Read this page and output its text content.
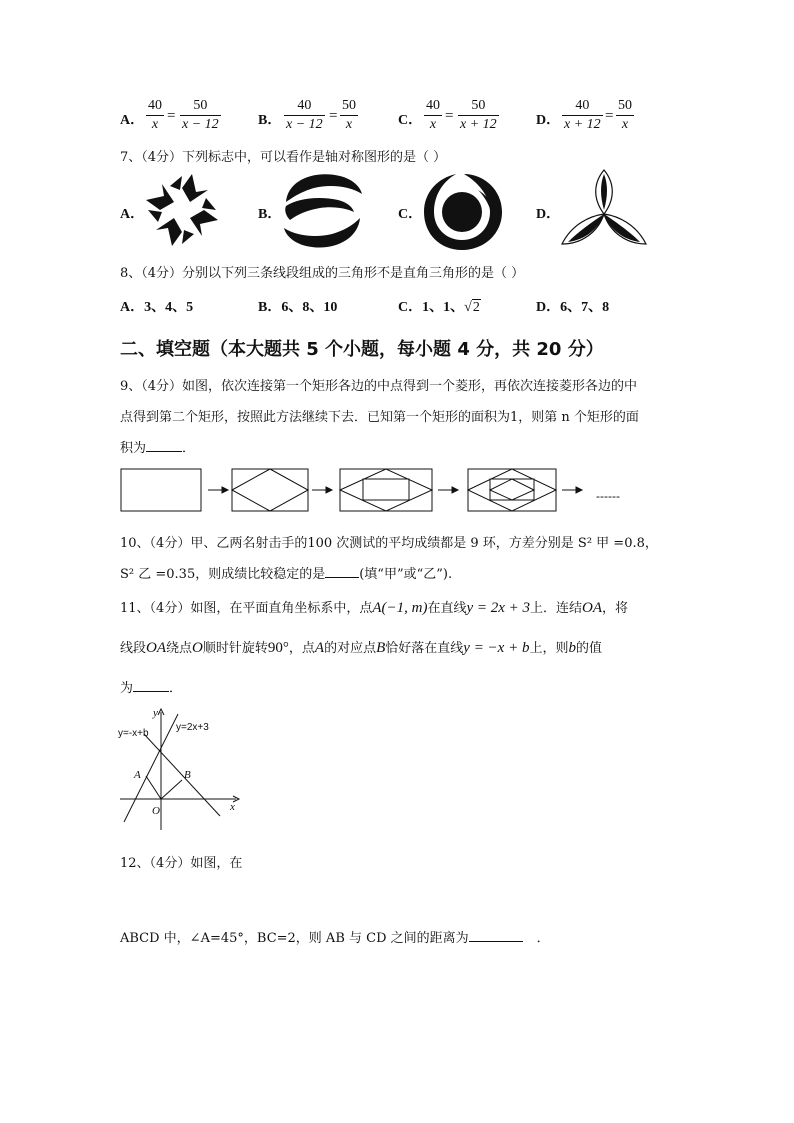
A．
40
x
=
50
x − 12	B．
40
x − 12
=
50
x	C．
40
x
=
50
x + 12	D．
40
x + 12
=
50
x
7、（4分）下列标志中，可以看作是轴对称图形的是（ ）
A．	B．	C．	D．
8、（4分）分别以下列三条线段组成的三角形不是直角三角形的是（ ）
A．3、4、5	B．6、8、10	C．1、1、√2	D．6、7、8
二、填空题（本大题共 5 个小题，每小题 4 分，共 20 分）
9、（4分）如图，依次连接第一个矩形各边的中点得到一个菱形，再依次连接菱形各边的中
点得到第二个矩形，按照此方法继续下去．已知第一个矩形的面积为1，则第 n 个矩形的面
积为	．
------
10、（4分）甲、乙两名射击手的100 次测试的平均成绩都是 9 环，方差分别是 S² 甲 =0.8，
S² 乙 =0.35，则成绩比较稳定的是	(填“甲”或“乙”).
11、（4分）如图，在平面直角坐标系中，点A(−1, m)在直线y = 2x + 3上．连结OA，将
线段OA绕点O顺时针旋转90°，点A的对应点B恰好落在直线y = −x + b上，则b的值
为	．
y
x
O
A	B
y=2x+3
y=-x+b
12、（4分）如图，在
ABCD 中，∠A=45°，BC=2，则 AB 与 CD 之间的距离为	．
